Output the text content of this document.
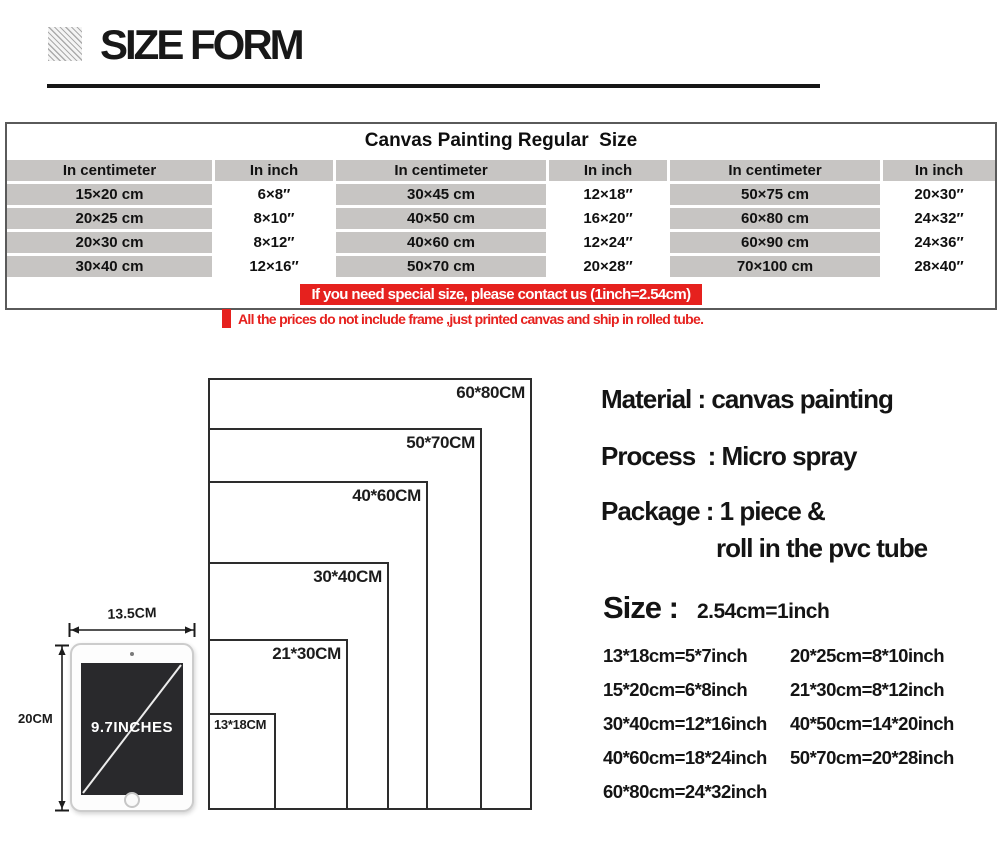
SIZE FORM
Canvas Painting Regular  Size
In centimeter	In inch	In centimeter	In inch	In centimeter	In inch
15×20 cm	6×8″	30×45 cm	12×18″	50×75 cm	20×30″
20×25 cm	8×10″	40×50 cm	16×20″	60×80 cm	24×32″
20×30 cm	8×12″	40×60 cm	12×24″	60×90 cm	24×36″
30×40 cm	12×16″	50×70 cm	20×28″	70×100 cm	28×40″
If you need special size, please contact us (1inch=2.54cm)
All the prices do not include frame ,just printed canvas and ship in rolled tube.
60*80CM
50*70CM
40*60CM
30*40CM
21*30CM
13*18CM
9.7INCHES
13.5CM
20CM
Material : canvas painting
Process  : Micro spray
Package : 1 piece &
roll in the pvc tube
Size : 2.54cm=1inch
13*18cm=5*7inch	20*25cm=8*10inch
15*20cm=6*8inch	21*30cm=8*12inch
30*40cm=12*16inch	40*50cm=14*20inch
40*60cm=18*24inch	50*70cm=20*28inch
60*80cm=24*32inch
